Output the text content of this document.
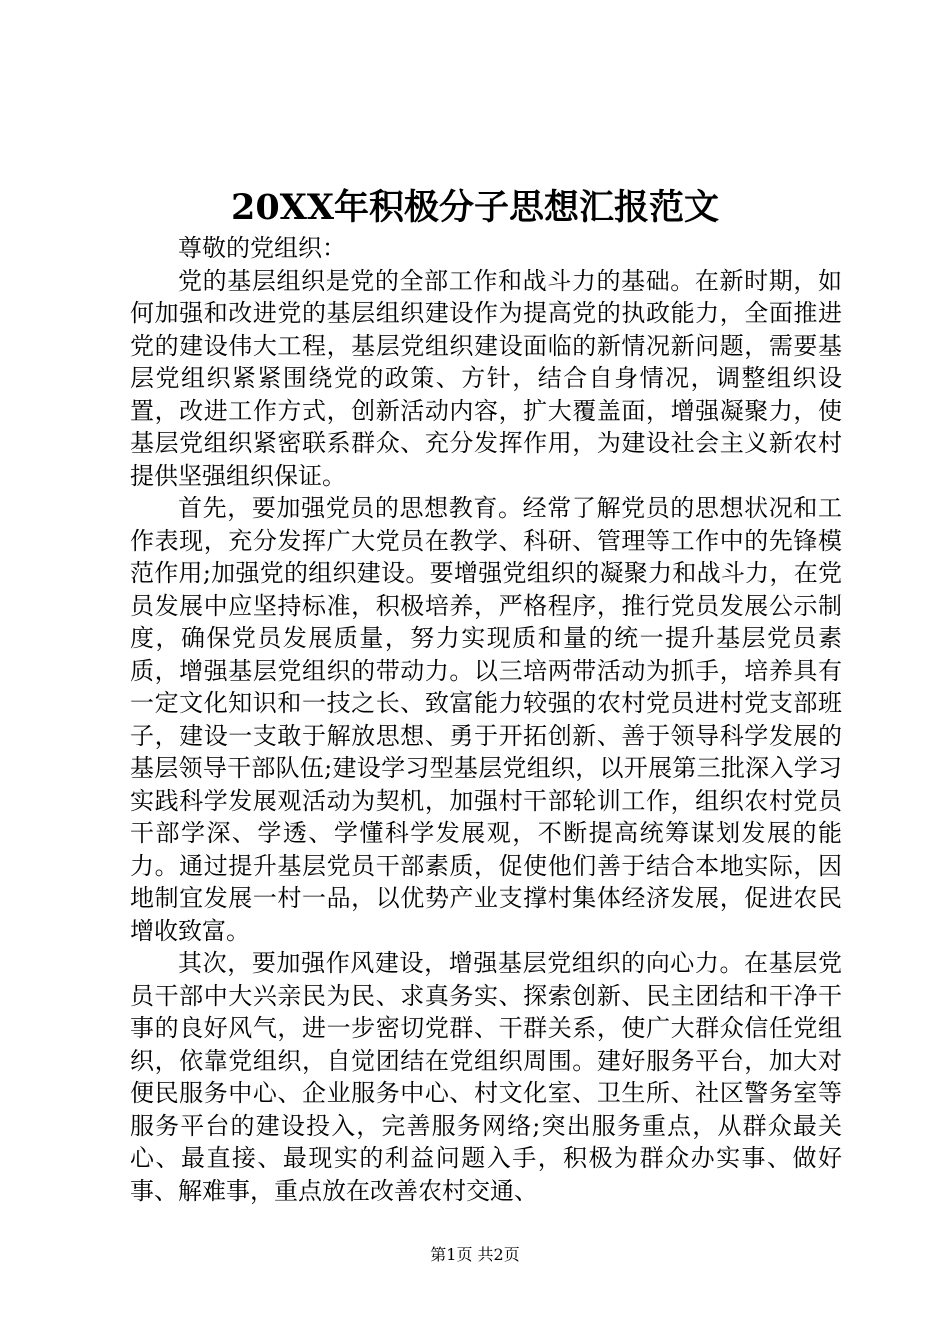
20XX年积极分子思想汇报范文

尊敬的党组织：

党的基层组织是党的全部工作和战斗力的基础。在新时期，如何加强和改进党的基层组织建设作为提高党的执政能力，全面推进党的建设伟大工程，基层党组织建设面临的新情况新问题，需要基层党组织紧紧围绕党的政策、方针，结合自身情况，调整组织设置，改进工作方式，创新活动内容，扩大覆盖面，增强凝聚力，使基层党组织紧密联系群众、充分发挥作用，为建设社会主义新农村提供坚强组织保证。

首先，要加强党员的思想教育。经常了解党员的思想状况和工作表现，充分发挥广大党员在教学、科研、管理等工作中的先锋模范作用;加强党的组织建设。要增强党组织的凝聚力和战斗力，在党员发展中应坚持标准，积极培养，严格程序，推行党员发展公示制度，确保党员发展质量，努力实现质和量的统一提升基层党员素质，增强基层党组织的带动力。以三培两带活动为抓手，培养具有一定文化知识和一技之长、致富能力较强的农村党员进村党支部班子，建设一支敢于解放思想、勇于开拓创新、善于领导科学发展的基层领导干部队伍;建设学习型基层党组织，以开展第三批深入学习实践科学发展观活动为契机，加强村干部轮训工作，组织农村党员干部学深、学透、学懂科学发展观，不断提高统筹谋划发展的能力。通过提升基层党员干部素质，促使他们善于结合本地实际，因地制宜发展一村一品，以优势产业支撑村集体经济发展，促进农民增收致富。

其次，要加强作风建设，增强基层党组织的向心力。在基层党员干部中大兴亲民为民、求真务实、探索创新、民主团结和干净干事的良好风气，进一步密切党群、干群关系，使广大群众信任党组织，依靠党组织，自觉团结在党组织周围。建好服务平台，加大对便民服务中心、企业服务中心、村文化室、卫生所、社区警务室等服务平台的建设投入，完善服务网络;突出服务重点，从群众最关心、最直接、最现实的利益问题入手，积极为群众办实事、做好事、解难事，重点放在改善农村交通、

第1页 共2页
